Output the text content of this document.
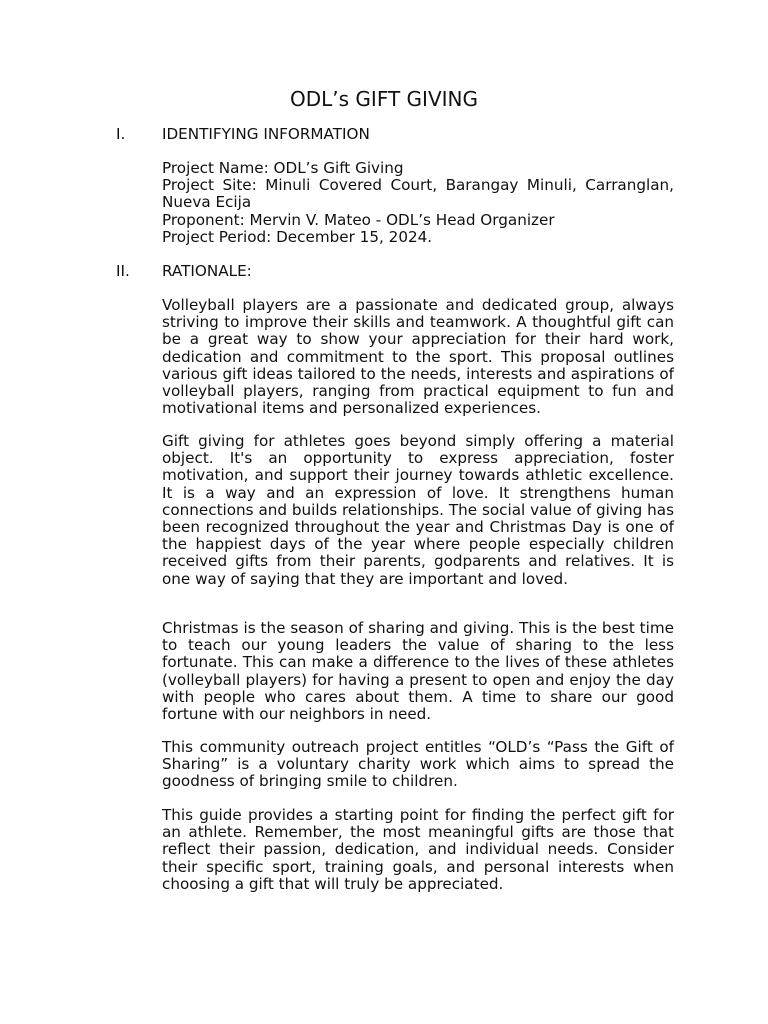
ODL’s GIFT GIVING
I. IDENTIFYING INFORMATION
Project Name: ODL’s Gift Giving
Project Site: Minuli Covered Court, Barangay Minuli, Carranglan, Nueva Ecija
Proponent: Mervin V. Mateo - ODL’s Head Organizer
Project Period: December 15, 2024.
II. RATIONALE:
Volleyball players are a passionate and dedicated group, always striving to improve their skills and teamwork. A thoughtful gift can be a great way to show your appreciation for their hard work, dedication and commitment to the sport. This proposal outlines various gift ideas tailored to the needs, interests and aspirations of volleyball players, ranging from practical equipment to fun and motivational items and personalized experiences.
Gift giving for athletes goes beyond simply offering a material object. It's an opportunity to express appreciation, foster motivation, and support their journey towards athletic excellence. It is a way and an expression of love. It strengthens human connections and builds relationships. The social value of giving has been recognized throughout the year and Christmas Day is one of the happiest days of the year where people especially children received gifts from their parents, godparents and relatives. It is one way of saying that they are important and loved.
Christmas is the season of sharing and giving. This is the best time to teach our young leaders the value of sharing to the less fortunate. This can make a difference to the lives of these athletes (volleyball players) for having a present to open and enjoy the day with people who cares about them. A time to share our good fortune with our neighbors in need.
This community outreach project entitles “OLD’s “Pass the Gift of Sharing” is a voluntary charity work which aims to spread the goodness of bringing smile to children.
This guide provides a starting point for finding the perfect gift for an athlete. Remember, the most meaningful gifts are those that reflect their passion, dedication, and individual needs. Consider their specific sport, training goals, and personal interests when choosing a gift that will truly be appreciated.
